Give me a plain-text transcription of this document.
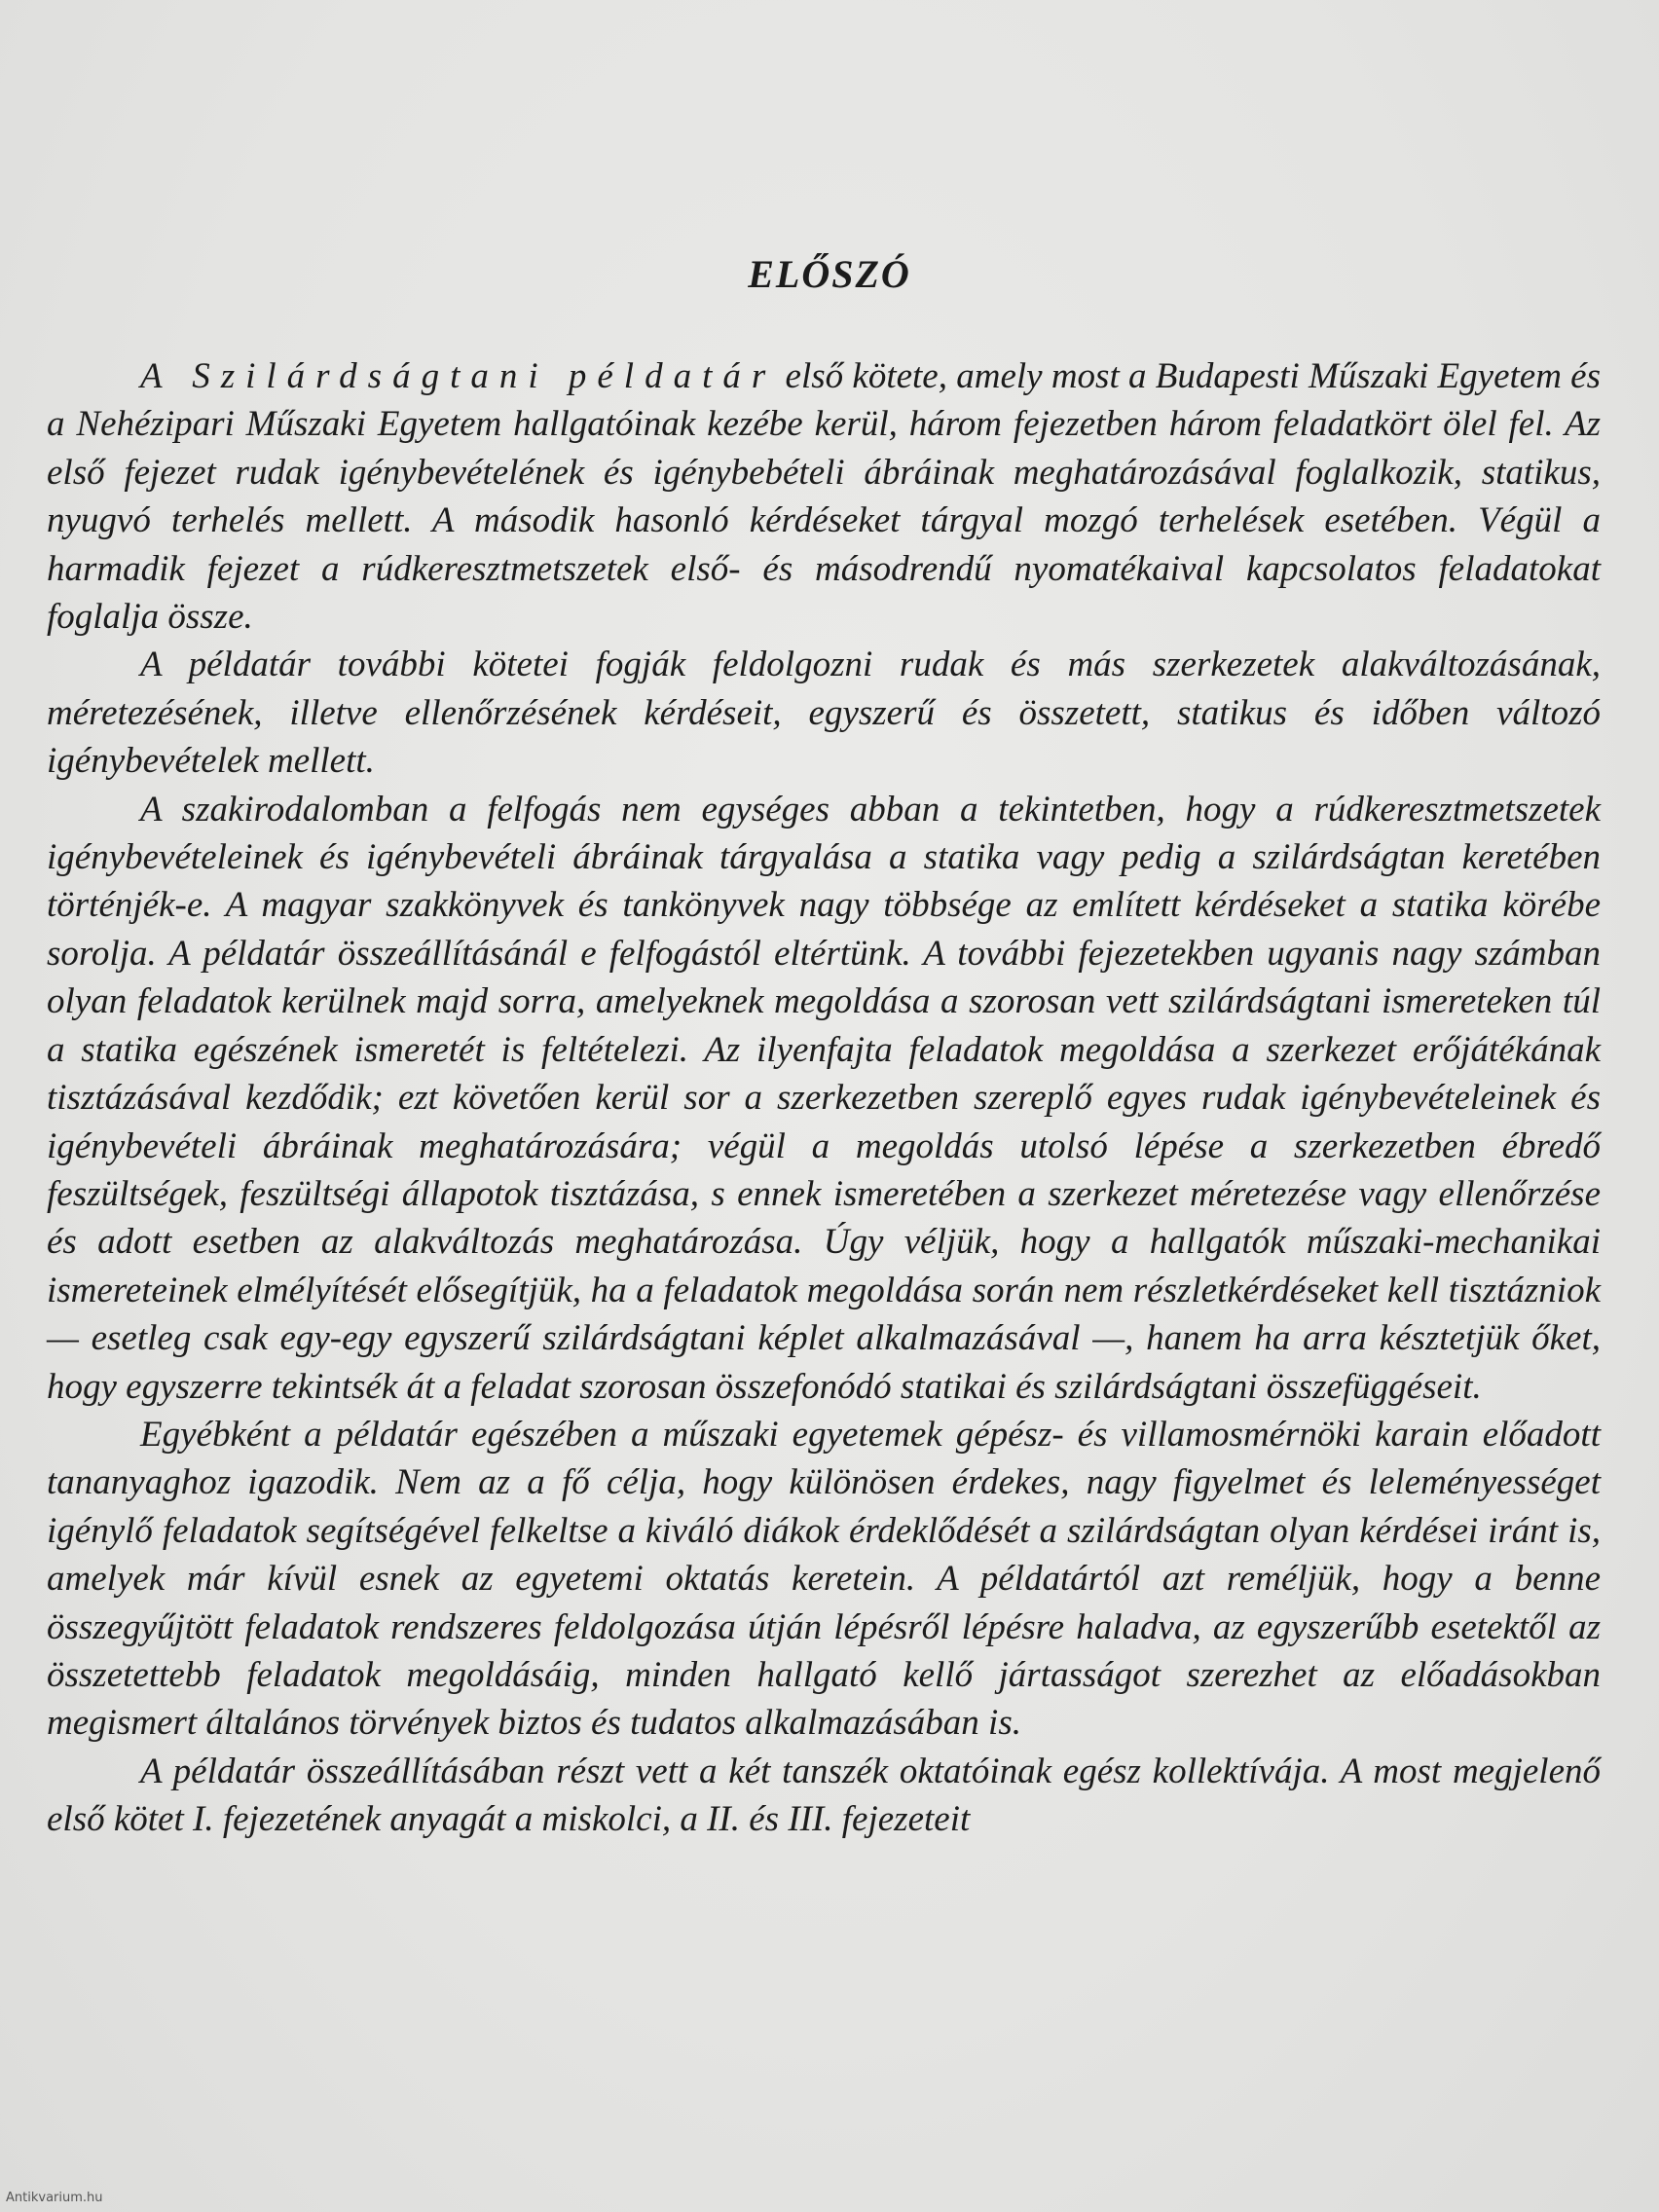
ELŐSZÓ

A Szilárdságtani példatár első kötete, amely most a Budapesti Műszaki Egyetem és a Nehézipari Műszaki Egyetem hallgatóinak kezébe kerül, három fejezetben három feladatkört ölel fel. Az első fejezet rudak igénybevételének és igénybebételi ábráinak meghatározásával foglalkozik, statikus, nyugvó terhelés mellett. A második hasonló kérdéseket tárgyal mozgó terhelések esetében. Végül a harmadik fejezet a rúdkeresztmetszetek első- és másodrendű nyomatékaival kapcsolatos feladatokat foglalja össze.

A példatár további kötetei fogják feldolgozni rudak és más szerkezetek alakváltozásának, méretezésének, illetve ellenőrzésének kérdéseit, egyszerű és összetett, statikus és időben változó igénybevételek mellett.

A szakirodalomban a felfogás nem egységes abban a tekintetben, hogy a rúdkeresztmetszetek igénybevételeinek és igénybevételi ábráinak tárgyalása a statika vagy pedig a szilárdságtan keretében történjék-e. A magyar szakkönyvek és tankönyvek nagy többsége az említett kérdéseket a statika körébe sorolja. A példatár összeállításánál e felfogástól eltértünk. A további fejezetekben ugyanis nagy számban olyan feladatok kerülnek majd sorra, amelyeknek megoldása a szorosan vett szilárdságtani ismereteken túl a statika egészének ismeretét is feltételezi. Az ilyenfajta feladatok megoldása a szerkezet erőjátékának tisztázásával kezdődik; ezt követően kerül sor a szerkezetben szereplő egyes rudak igénybevételeinek és igénybevételi ábráinak meghatározására; végül a megoldás utolsó lépése a szerkezetben ébredő feszültségek, feszültségi állapotok tisztázása, s ennek ismeretében a szerkezet méretezése vagy ellenőrzése és adott esetben az alakváltozás meghatározása. Úgy véljük, hogy a hallgatók műszaki-mechanikai ismereteinek elmélyítését elősegítjük, ha a feladatok megoldása során nem részletkérdéseket kell tisztázniok — esetleg csak egy-egy egyszerű szilárdságtani képlet alkalmazásával —, hanem ha arra késztetjük őket, hogy egyszerre tekintsék át a feladat szorosan összefonódó statikai és szilárdságtani összefüggéseit.

Egyébként a példatár egészében a műszaki egyetemek gépész- és villamosmérnöki karain előadott tananyaghoz igazodik. Nem az a fő célja, hogy különösen érdekes, nagy figyelmet és leleményességet igénylő feladatok segítségével felkeltse a kiváló diákok érdeklődését a szilárdságtan olyan kérdései iránt is, amelyek már kívül esnek az egyetemi oktatás keretein. A példatártól azt reméljük, hogy a benne összegyűjtött feladatok rendszeres feldolgozása útján lépésről lépésre haladva, az egyszerűbb esetektől az összetettebb feladatok megoldásáig, minden hallgató kellő jártasságot szerezhet az előadásokban megismert általános törvények biztos és tudatos alkalmazásában is.

A példatár összeállításában részt vett a két tanszék oktatóinak egész kollektívája. A most megjelenő első kötet I. fejezetének anyagát a miskolci, a II. és III. fejezeteit

Antikvarium.hu
